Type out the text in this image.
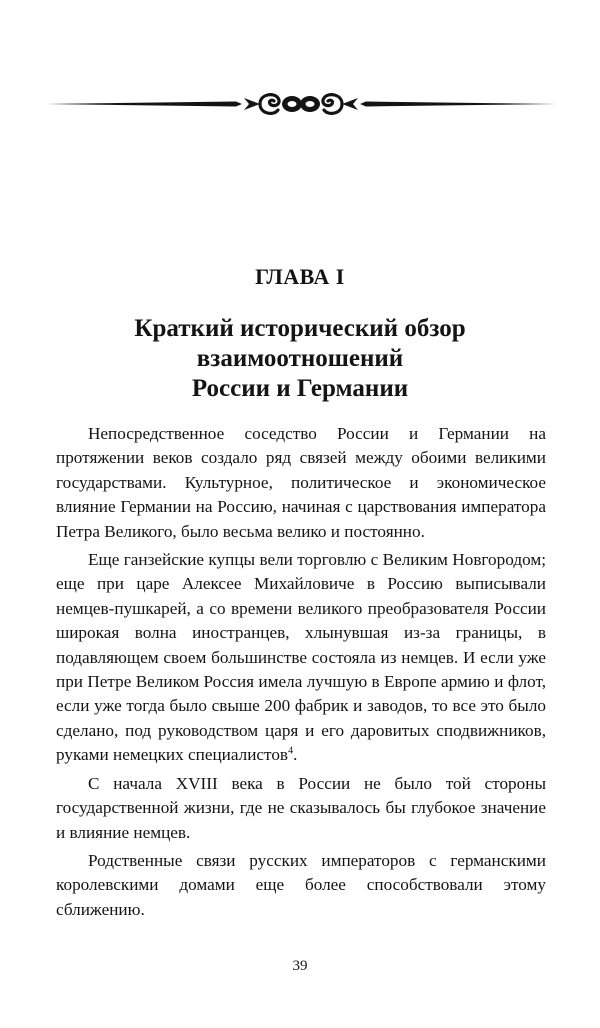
ГЛАВА I
Краткий исторический обзор
взаимоотношений
России и Германии

Непосредственное соседство России и Германии на протяжении веков создало ряд связей между обоими великими государствами. Культурное, политическое и экономическое влияние Германии на Россию, начиная с царствования императора Петра Великого, было весьма велико и постоянно.

Еще ганзейские купцы вели торговлю с Великим Новгородом; еще при царе Алексее Михайловиче в Россию выписывали немцев-пушкарей, а со времени великого преобразователя России широкая волна иностранцев, хлынувшая из-за границы, в подавляющем своем большинстве состояла из немцев. И если уже при Петре Великом Россия имела лучшую в Европе армию и флот, если уже тогда было свыше 200 фабрик и заводов, то все это было сделано, под руководством царя и его даровитых сподвижников, руками немецких специалистов$^4$.

С начала XVIII века в России не было той стороны государственной жизни, где не сказывалось бы глубокое значение и влияние немцев.

Родственные связи русских императоров с германскими королевскими домами еще более способствовали этому сближению.

39
